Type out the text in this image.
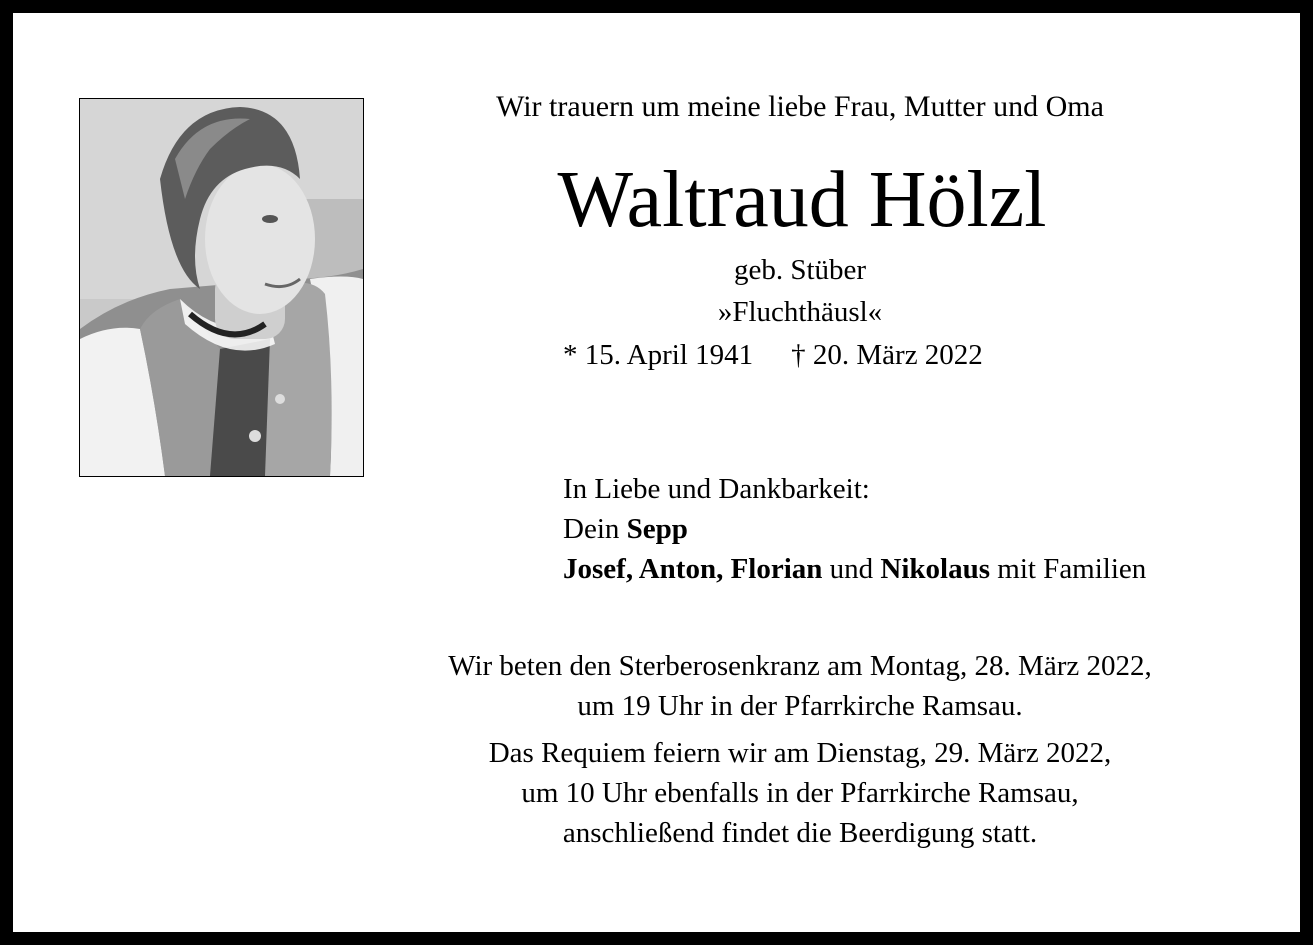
Wir trauern um meine liebe Frau, Mutter und Oma
Waltraud Hölzl
geb. Stüber
»Fluchthäusl«
* 15. April 1941 † 20. März 2022
In Liebe und Dankbarkeit:
Dein Sepp
Josef, Anton, Florian und Nikolaus mit Familien
Wir beten den Sterberosenkranz am Montag, 28. März 2022,
um 19 Uhr in der Pfarrkirche Ramsau.
Das Requiem feiern wir am Dienstag, 29. März 2022,
um 10 Uhr ebenfalls in der Pfarrkirche Ramsau,
anschließend findet die Beerdigung statt.
